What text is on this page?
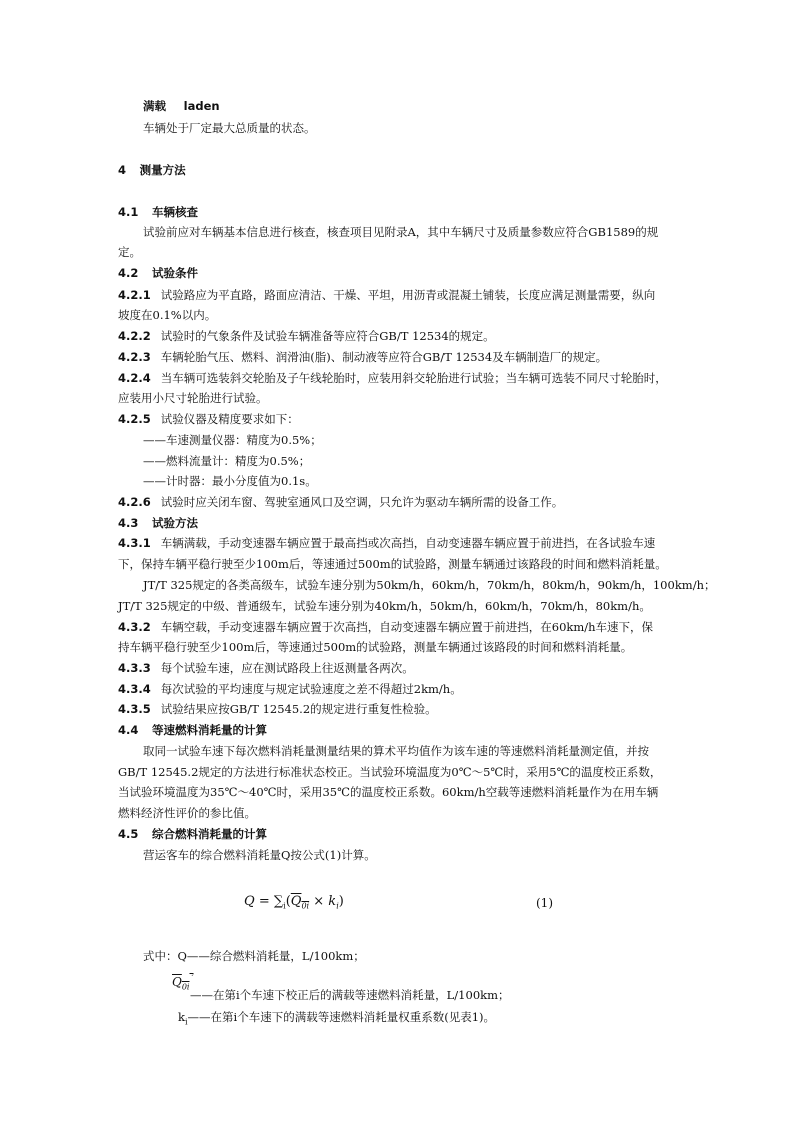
满载 laden
车辆处于厂定最大总质量的状态。
4 测量方法
4.1 车辆核查
试验前应对车辆基本信息进行核查，核查项目见附录A，其中车辆尺寸及质量参数应符合GB1589的规
定。
4.2 试验条件
4.2.1 试验路应为平直路，路面应清洁、干燥、平坦，用沥青或混凝土铺装，长度应满足测量需要，纵向
坡度在0.1%以内。
4.2.2 试验时的气象条件及试验车辆准备等应符合GB/T 12534的规定。
4.2.3 车辆轮胎气压、燃料、润滑油(脂)、制动液等应符合GB/T 12534及车辆制造厂的规定。
4.2.4 当车辆可选装斜交轮胎及子午线轮胎时，应装用斜交轮胎进行试验；当车辆可选装不同尺寸轮胎时，
应装用小尺寸轮胎进行试验。
4.2.5 试验仪器及精度要求如下：
——车速测量仪器：精度为0.5%；
——燃料流量计：精度为0.5%；
——计时器：最小分度值为0.1s。
4.2.6 试验时应关闭车窗、驾驶室通风口及空调，只允许为驱动车辆所需的设备工作。
4.3 试验方法
4.3.1 车辆满载，手动变速器车辆应置于最高挡或次高挡，自动变速器车辆应置于前进挡，在各试验车速
下，保持车辆平稳行驶至少100m后，等速通过500m的试验路，测量车辆通过该路段的时间和燃料消耗量。
JT/T 325规定的各类高级车，试验车速分别为50km/h，60km/h，70km/h，80km/h，90km/h，100km/h；
JT/T 325规定的中级、普通级车，试验车速分别为40km/h，50km/h，60km/h，70km/h，80km/h。
4.3.2 车辆空载，手动变速器车辆应置于次高挡，自动变速器车辆应置于前进挡，在60km/h车速下，保
持车辆平稳行驶至少100m后，等速通过500m的试验路，测量车辆通过该路段的时间和燃料消耗量。
4.3.3 每个试验车速，应在测试路段上往返测量各两次。
4.3.4 每次试验的平均速度与规定试验速度之差不得超过2km/h。
4.3.5 试验结果应按GB/T 12545.2的规定进行重复性检验。
4.4 等速燃料消耗量的计算
取同一试验车速下每次燃料消耗量测量结果的算术平均值作为该车速的等速燃料消耗量测定值，并按
GB/T 12545.2规定的方法进行标准状态校正。当试验环境温度为0℃～5℃时，采用5℃的温度校正系数，
当试验环境温度为35℃～40℃时，采用35℃的温度校正系数。60km/h空载等速燃料消耗量作为在用车辆
燃料经济性评价的参比值。
4.5 综合燃料消耗量的计算
营运客车的综合燃料消耗量Q按公式(1)计算。
$Q = \sum_i(Q_{0i} \times k_i)$	(1)
式中：Q——综合燃料消耗量，L/100km；
$Q_{0i}^´$
——在第i个车速下校正后的满载等速燃料消耗量，L/100km；
$k_i——$在第i个车速下的满载等速燃料消耗量权重系数(见表1)。
